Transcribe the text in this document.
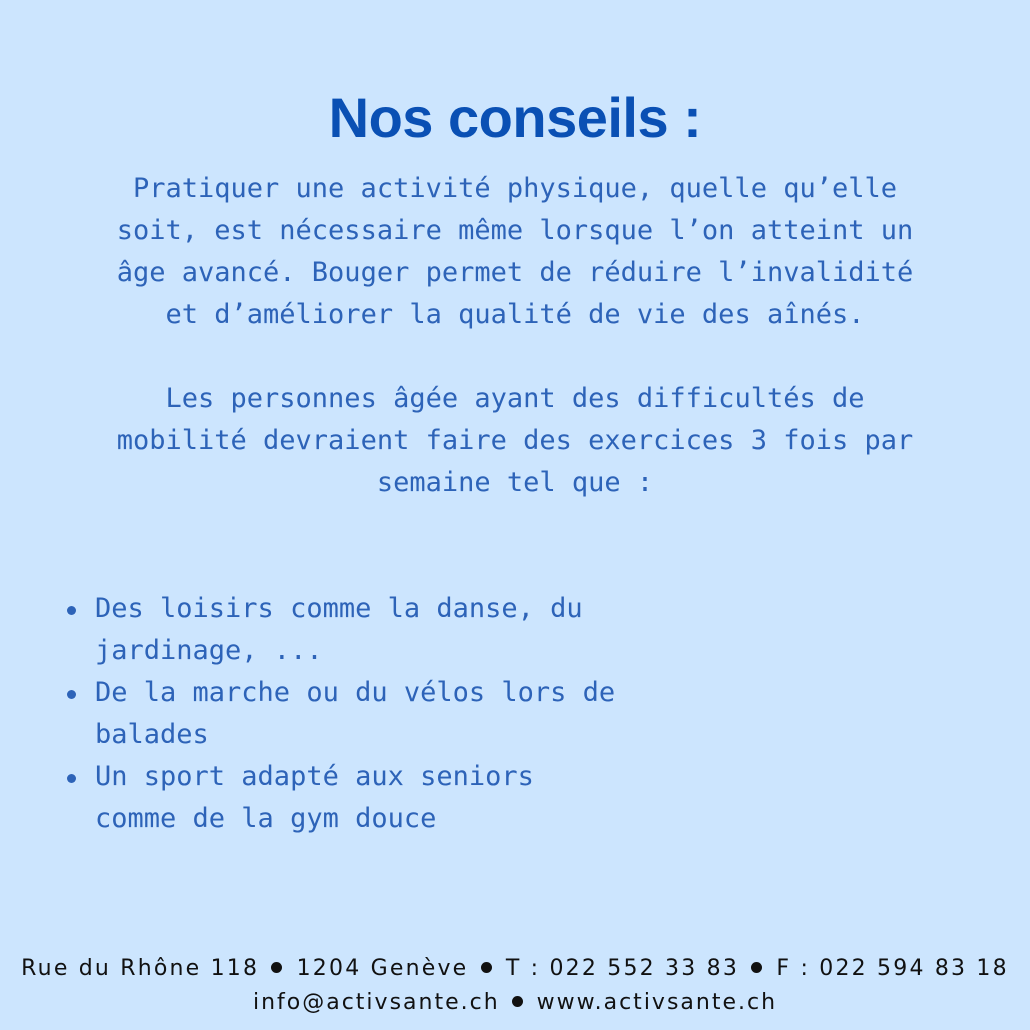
Nos conseils :
Pratiquer une activité physique, quelle qu’elle
soit, est nécessaire même lorsque l’on atteint un
âge avancé. Bouger permet de réduire l’invalidité
et d’améliorer la qualité de vie des aînés.
Les personnes âgée ayant des difficultés de
mobilité devraient faire des exercices 3 fois par
semaine tel que :
Des loisirs comme la danse, du
jardinage, ...
De la marche ou du vélos lors de
balades
Un sport adapté aux seniors
comme de la gym douce
Rue du Rhône 118 1204 Genève T : 022 552 33 83 F : 022 594 83 18
info@activsante.ch www.activsante.ch
